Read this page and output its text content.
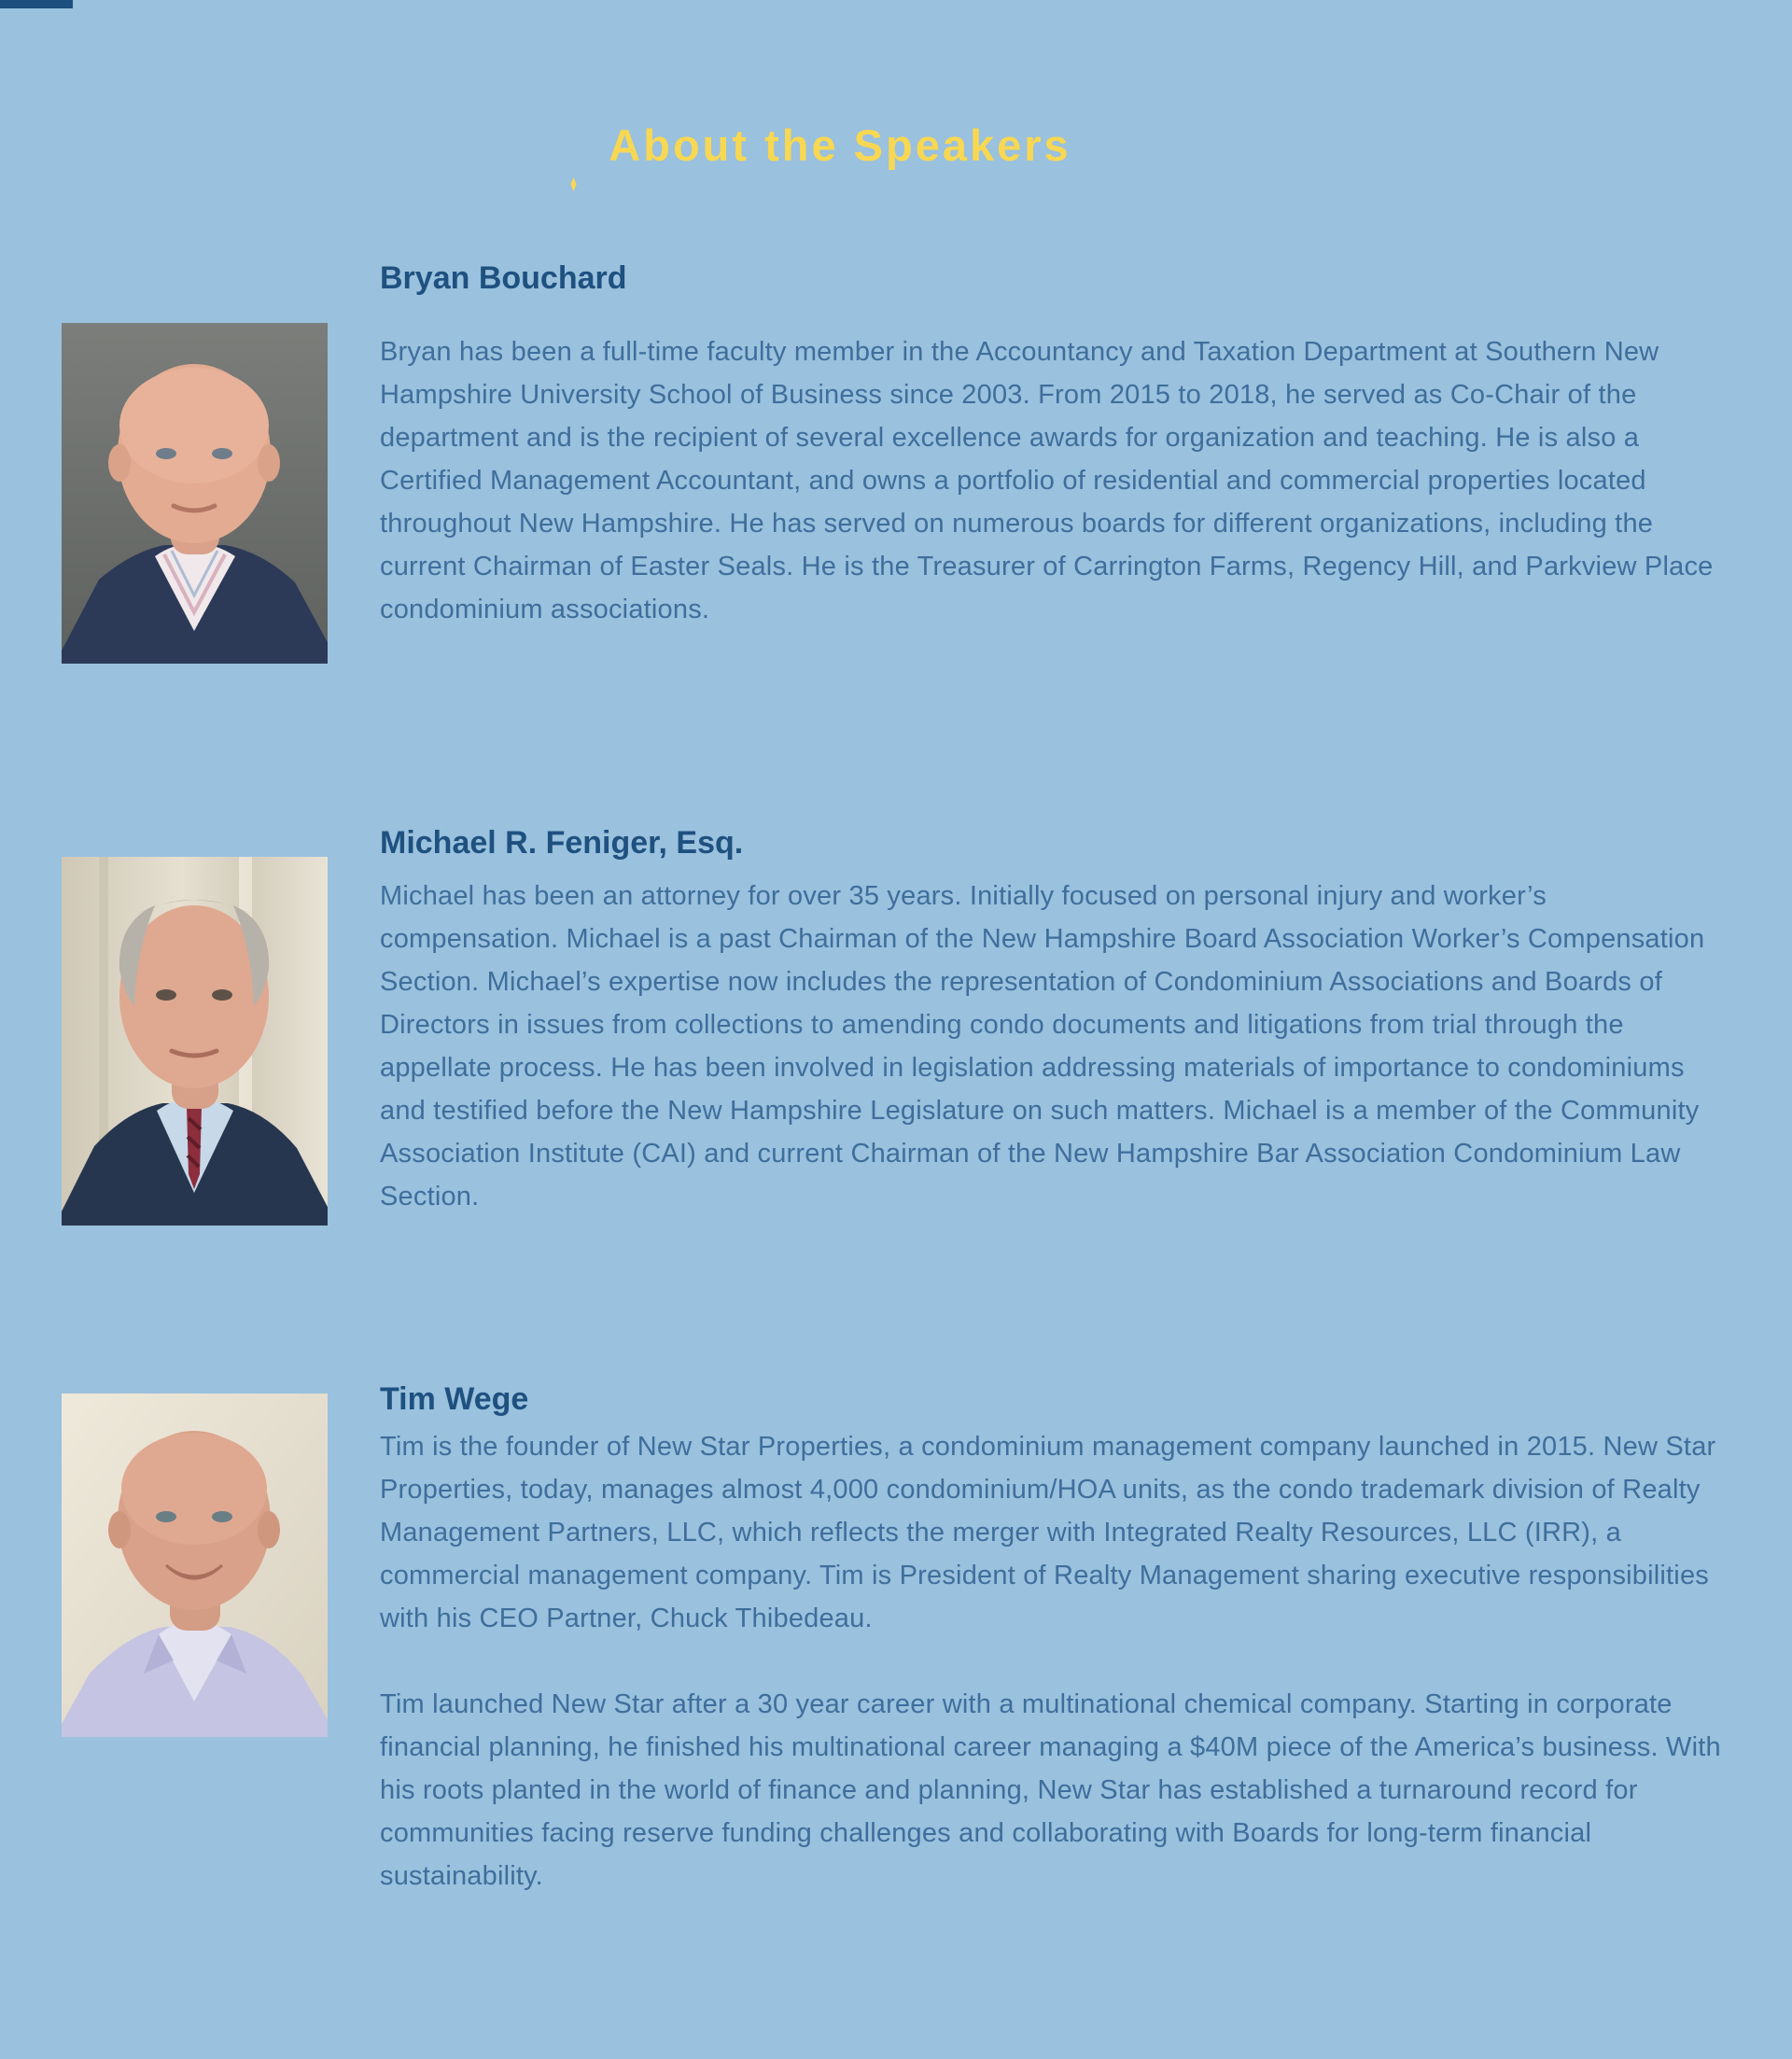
About the Speakers
Bryan Bouchard

Bryan has been a full-time faculty member in the Accountancy and Taxation Department at Southern New Hampshire University School of Business since 2003. From 2015 to 2018, he served as Co-Chair of the department and is the recipient of several excellence awards for organization and teaching. He is also a Certified Management Accountant, and owns a portfolio of residential and commercial properties located throughout New Hampshire. He has served on numerous boards for different organizations, including the current Chairman of Easter Seals. He is the Treasurer of Carrington Farms, Regency Hill, and Parkview Place condominium associations.

Michael R. Feniger, Esq.

Michael has been an attorney for over 35 years. Initially focused on personal injury and worker’s compensation. Michael is a past Chairman of the New Hampshire Board Association Worker’s Compensation Section. Michael’s expertise now includes the representation of Condominium Associations and Boards of Directors in issues from collections to amending condo documents and litigations from trial through the appellate process. He has been involved in legislation addressing materials of importance to condominiums and testified before the New Hampshire Legislature on such matters. Michael is a member of the Community Association Institute (CAI) and current Chairman of the New Hampshire Bar Association Condominium Law Section.

Tim Wege

Tim is the founder of New Star Properties, a condominium management company launched in 2015. New Star Properties, today, manages almost 4,000 condominium/HOA units, as the condo trademark division of Realty Management Partners, LLC, which reflects the merger with Integrated Realty Resources, LLC (IRR), a commercial management company. Tim is President of Realty Management sharing executive responsibilities with his CEO Partner, Chuck Thibedeau.

Tim launched New Star after a 30 year career with a multinational chemical company. Starting in corporate financial planning, he finished his multinational career managing a $40M piece of the America’s business. With his roots planted in the world of finance and planning, New Star has established a turnaround record for communities facing reserve funding challenges and collaborating with Boards for long-term financial sustainability.
